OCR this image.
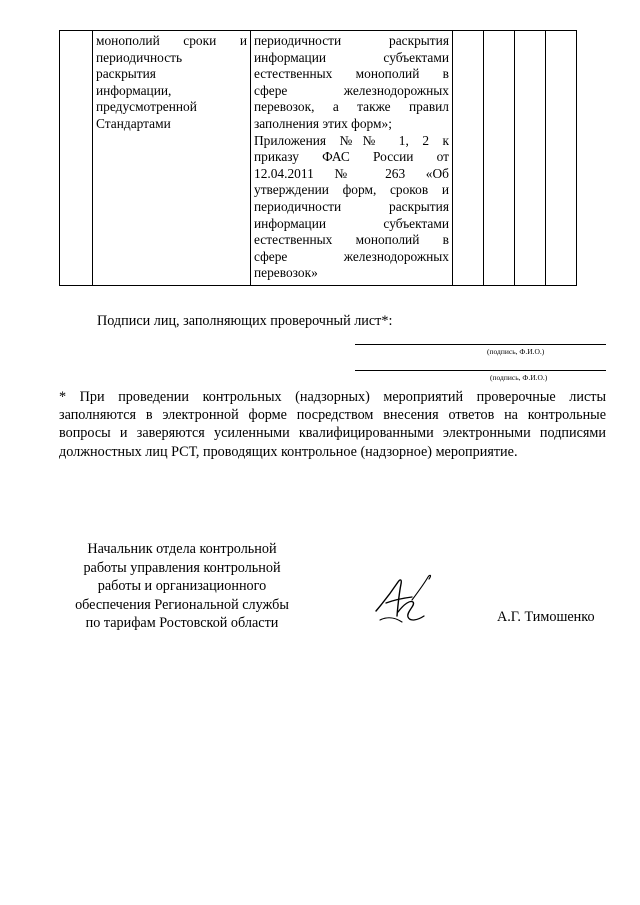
монополий сроки и
периодичность
раскрытия
информации,
предусмотренной
Стандартами

периодичности раскрытия
информации субъектами
естественных монополий в
сфере железнодорожных
перевозок, а также правил
заполнения этих форм»;
Приложения №№ 1, 2 к
приказу ФАС России от
12.04.2011 № 263 «Об
утверждении форм, сроков и
периодичности раскрытия
информации субъектами
естественных монополий в
сфере железнодорожных
перевозок»

Подписи лиц, заполняющих проверочный лист*:
(подпись, Ф.И.О.)
(подпись, Ф.И.О.)
* При проведении контрольных (надзорных) мероприятий проверочные листы
заполняются в электронной форме посредством внесения ответов на контрольные
вопросы и заверяются усиленными квалифицированными электронными подписями
должностных лиц РСТ, проводящих контрольное (надзорное) мероприятие.
Начальник отдела контрольной
работы управления контрольной
работы и организационного
обеспечения Региональной службы
по тарифам Ростовской области	А.Г. Тимошенко
